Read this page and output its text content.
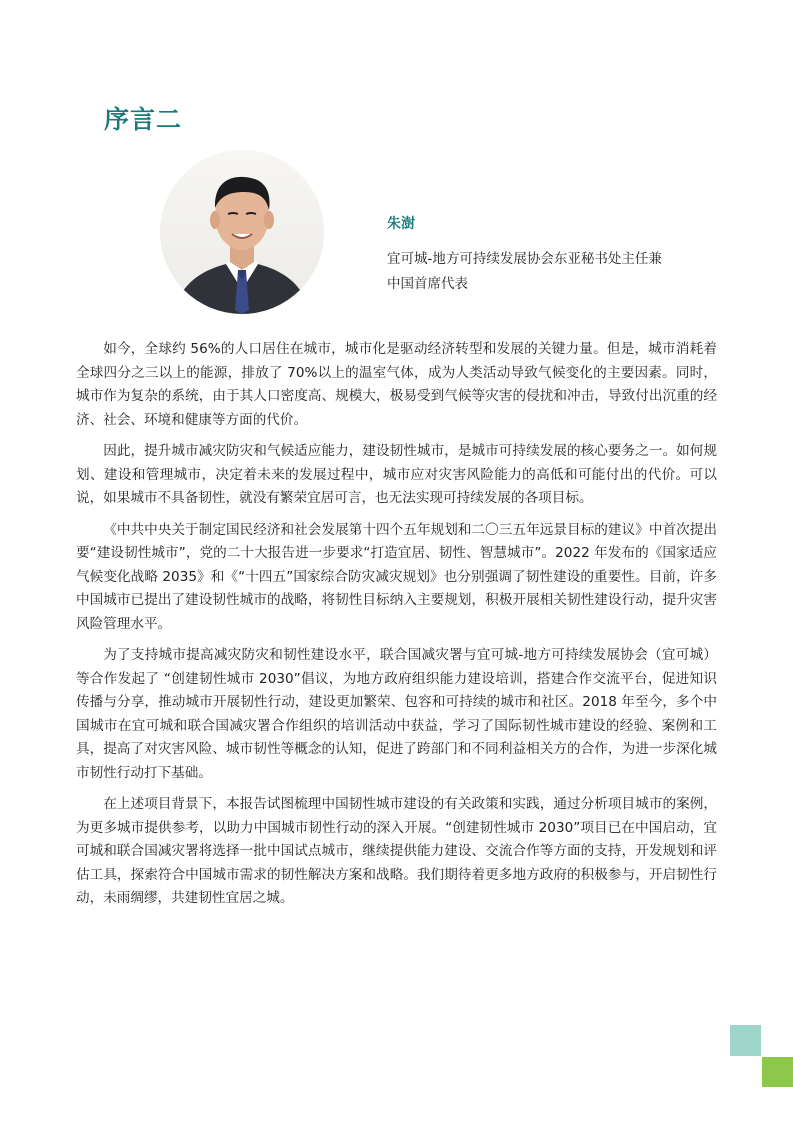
序言二
朱澍
宜可城-地方可持续发展协会东亚秘书处主任兼
中国首席代表

如今，全球约 56%的人口居住在城市，城市化是驱动经济转型和发展的关键力量。但是，城市消耗着全球四分之三以上的能源，排放了 70%以上的温室气体，成为人类活动导致气候变化的主要因素。同时，城市作为复杂的系统，由于其人口密度高、规模大，极易受到气候等灾害的侵扰和冲击，导致付出沉重的经济、社会、环境和健康等方面的代价。

因此，提升城市减灾防灾和气候适应能力，建设韧性城市，是城市可持续发展的核心要务之一。如何规划、建设和管理城市，决定着未来的发展过程中，城市应对灾害风险能力的高低和可能付出的代价。可以说，如果城市不具备韧性，就没有繁荣宜居可言，也无法实现可持续发展的各项目标。

《中共中央关于制定国民经济和社会发展第十四个五年规划和二〇三五年远景目标的建议》中首次提出要“建设韧性城市”，党的二十大报告进一步要求“打造宜居、韧性、智慧城市”。2022 年发布的《国家适应气候变化战略 2035》和《“十四五”国家综合防灾减灾规划》也分别强调了韧性建设的重要性。目前，许多中国城市已提出了建设韧性城市的战略，将韧性目标纳入主要规划，积极开展相关韧性建设行动，提升灾害风险管理水平。

为了支持城市提高减灾防灾和韧性建设水平，联合国减灾署与宜可城-地方可持续发展协会（宜可城）等合作发起了 “创建韧性城市 2030”倡议，为地方政府组织能力建设培训，搭建合作交流平台，促进知识传播与分享，推动城市开展韧性行动，建设更加繁荣、包容和可持续的城市和社区。2018 年至今，多个中国城市在宜可城和联合国减灾署合作组织的培训活动中获益，学习了国际韧性城市建设的经验、案例和工具，提高了对灾害风险、城市韧性等概念的认知，促进了跨部门和不同利益相关方的合作，为进一步深化城市韧性行动打下基础。

在上述项目背景下，本报告试图梳理中国韧性城市建设的有关政策和实践，通过分析项目城市的案例，为更多城市提供参考，以助力中国城市韧性行动的深入开展。“创建韧性城市 2030”项目已在中国启动，宜可城和联合国减灾署将选择一批中国试点城市，继续提供能力建设、交流合作等方面的支持，开发规划和评估工具，探索符合中国城市需求的韧性解决方案和战略。我们期待着更多地方政府的积极参与，开启韧性行动，未雨绸缪，共建韧性宜居之城。
